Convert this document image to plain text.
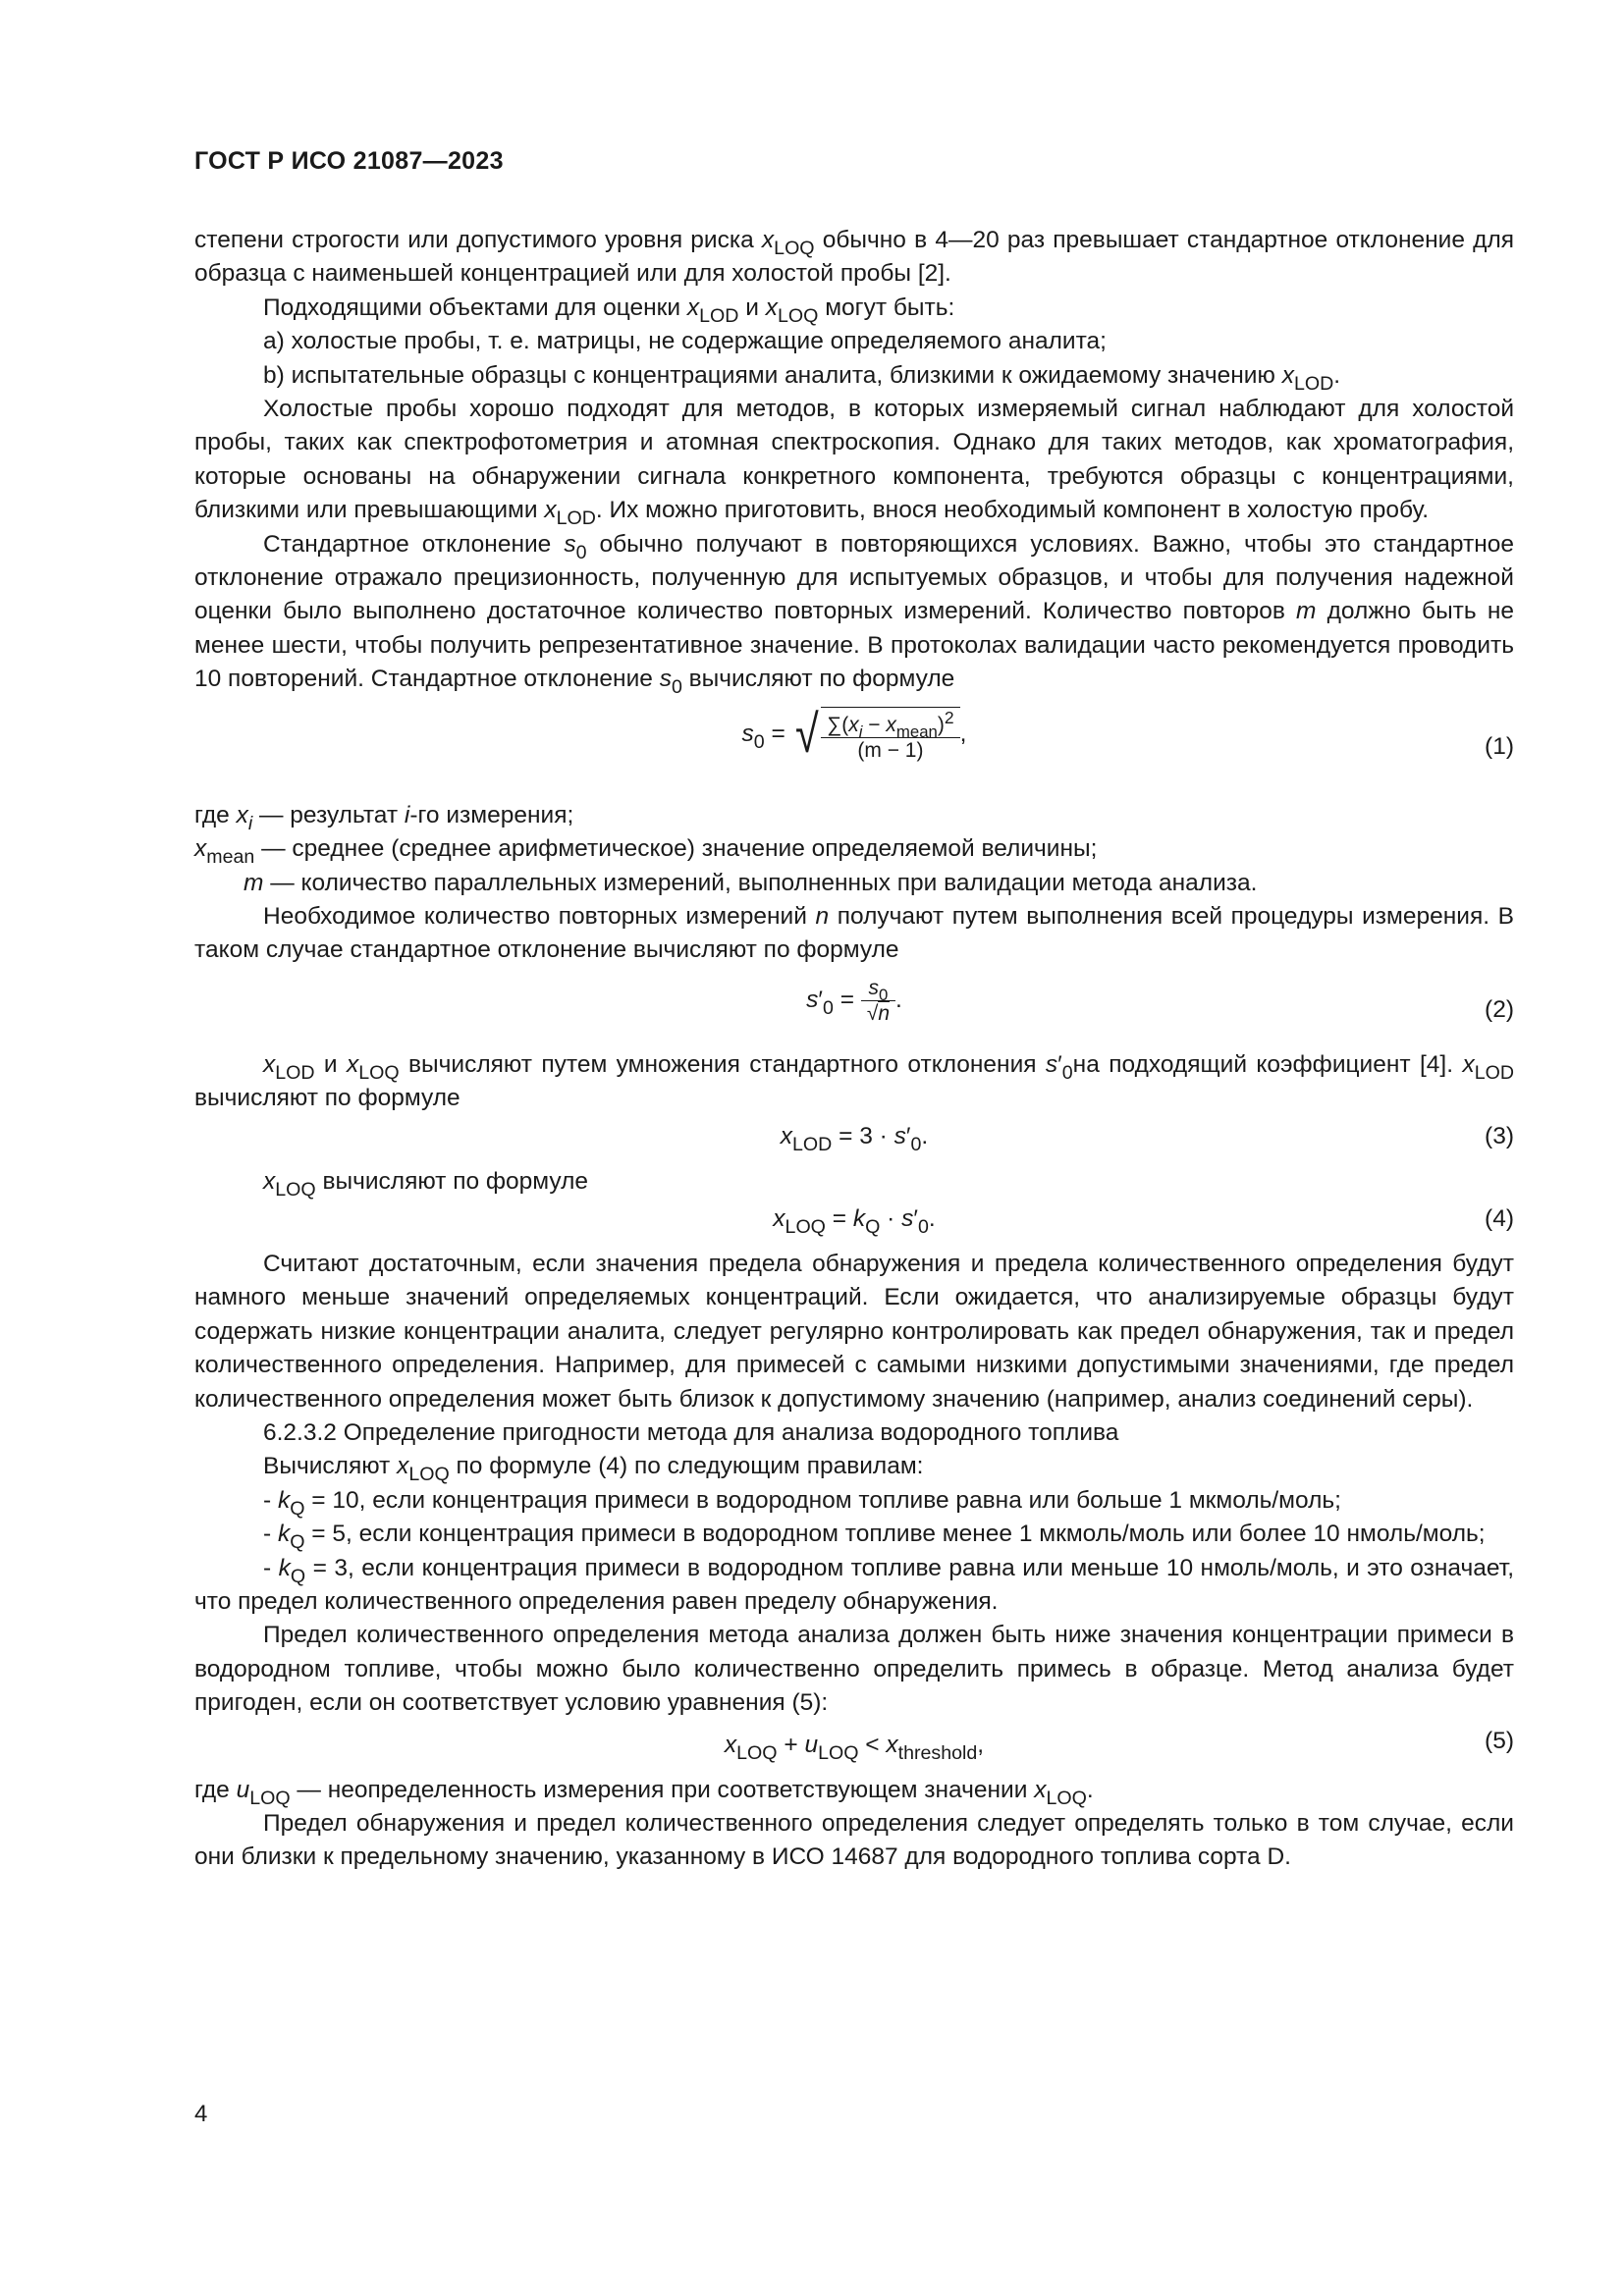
ГОСТ Р ИСО 21087—2023

степени строгости или допустимого уровня риска $x_{LOQ}$ обычно в 4—20 раз превышает стандартное отклонение для образца с наименьшей концентрацией или для холостой пробы [2].

Подходящими объектами для оценки $x_{LOD}$ и $x_{LOQ}$ могут быть:

a) холостые пробы, т. е. матрицы, не содержащие определяемого аналита;

b) испытательные образцы с концентрациями аналита, близкими к ожидаемому значению $x_{LOD}$.

Холостые пробы хорошо подходят для методов, в которых измеряемый сигнал наблюдают для холостой пробы, таких как спектрофотометрия и атомная спектроскопия. Однако для таких методов, как хроматография, которые основаны на обнаружении сигнала конкретного компонента, требуются образцы с концентрациями, близкими или превышающими $x_{LOD}$. Их можно приготовить, внося необходимый компонент в холостую пробу.

Стандартное отклонение $s_0$ обычно получают в повторяющихся условиях. Важно, чтобы это стандартное отклонение отражало прецизионность, полученную для испытуемых образцов, и чтобы для получения надежной оценки было выполнено достаточное количество повторных измерений. Количество повторов m должно быть не менее шести, чтобы получить репрезентативное значение. В протоколах валидации часто рекомендуется проводить 10 повторений. Стандартное отклонение $s_0$ вычисляют по формуле

$s_0$ = √ $\frac{\sum(x_i - x_{mean})^2}{(m - 1)}$ ,	(1)
где $x_i$ — результат i-го измерения;
$x_{mean}$ — среднее (среднее арифметическое) значение определяемой величины;
m — количество параллельных измерений, выполненных при валидации метода анализа.

Необходимое количество повторных измерений n получают путем выполнения всей процедуры измерения. В таком случае стандартное отклонение вычисляют по формуле

$s'_0 = \frac{s_0}{√n}$ .	(2)

$x_{LOD}$ и $x_{LOQ}$ вычисляют путем умножения стандартного отклонения $s'_0на$ подходящий коэффициент [4]. $x_{LOD}$ вычисляют по формуле

$x_{LOD} = 3 \cdot s'_0$.	(3)

$x_{LOQ}$ вычисляют по формуле

$x_{LOQ} = k_Q \cdot s'_0$.	(4)

Считают достаточным, если значения предела обнаружения и предела количественного определения будут намного меньше значений определяемых концентраций. Если ожидается, что анализируемые образцы будут содержать низкие концентрации аналита, следует регулярно контролировать как предел обнаружения, так и предел количественного определения. Например, для примесей с самыми низкими допустимыми значениями, где предел количественного определения может быть близок к допустимому значению (например, анализ соединений серы).

6.2.3.2 Определение пригодности метода для анализа водородного топлива

Вычисляют $x_{LOQ}$ по формуле (4) по следующим правилам:

- $k_Q = 10$, если концентрация примеси в водородном топливе равна или больше 1 мкмоль/моль;

- $k_Q = 5$, если концентрация примеси в водородном топливе менее 1 мкмоль/моль или более 10 нмоль/моль;

- $k_Q = 3$, если концентрация примеси в водородном топливе равна или меньше 10 нмоль/моль, и это означает, что предел количественного определения равен пределу обнаружения.

Предел количественного определения метода анализа должен быть ниже значения концентрации примеси в водородном топливе, чтобы можно было количественно определить примесь в образце. Метод анализа будет пригоден, если он соответствует условию уравнения (5):

$x_{LOQ} + u_{LOQ} < x_{threshold}$,	(5)

где $u_{LOQ}$ — неопределенность измерения при соответствующем значении $x_{LOQ}$.

Предел обнаружения и предел количественного определения следует определять только в том случае, если они близки к предельному значению, указанному в ИСО 14687 для водородного топлива сорта D.

4
